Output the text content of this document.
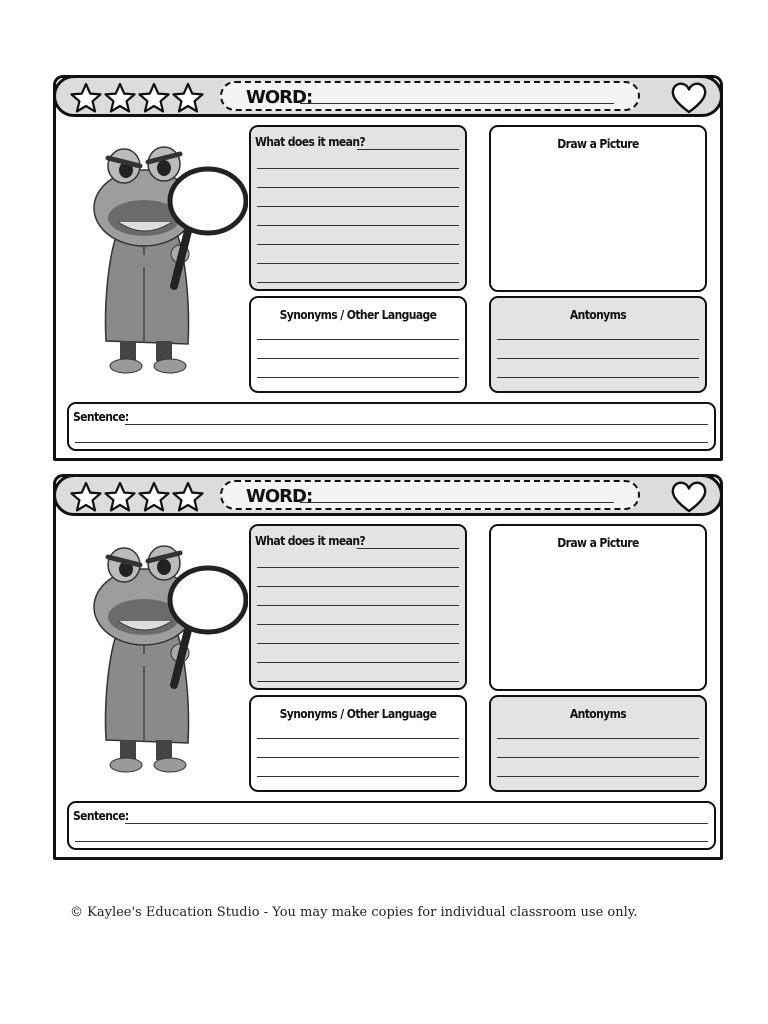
WORD:
What does it mean?	Draw a Picture
Synonyms / Other Language	Antonyms
Sentence:
WORD:
What does it mean?	Draw a Picture
Synonyms / Other Language	Antonyms
Sentence:
© Kaylee's Education Studio - You may make copies for individual classroom use only.
